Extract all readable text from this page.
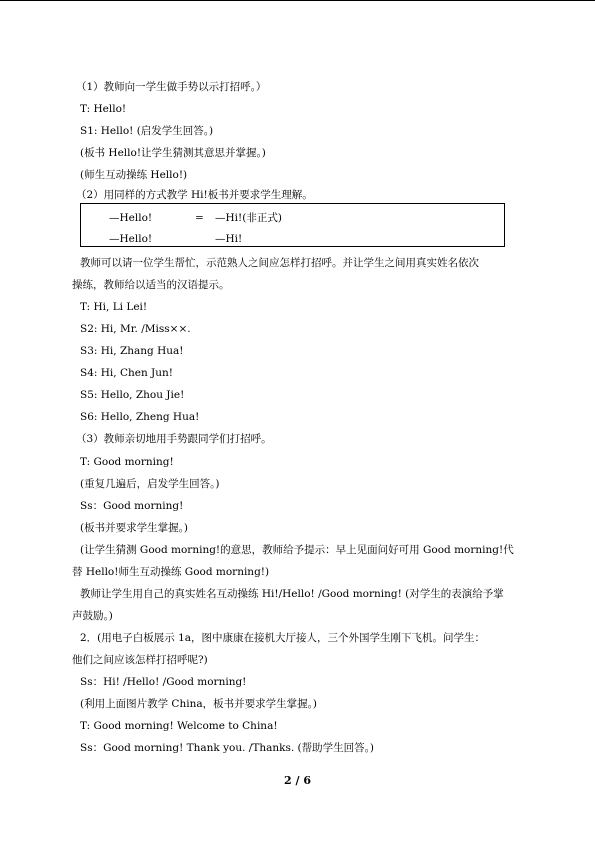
（1）教师向一学生做手势以示打招呼。）
T: Hello!
S1: Hello! (启发学生回答。)
(板书 Hello!让学生猜测其意思并掌握。)
(师生互动操练 Hello!)
（2）用同样的方式教学 Hi!板书并要求学生理解。
—Hello!	= —Hi!(非正式)
—Hello!	—Hi!
教师可以请一位学生帮忙，示范熟人之间应怎样打招呼。并让学生之间用真实姓名依次
操练，教师给以适当的汉语提示。
T: Hi, Li Lei!
S2: Hi, Mr. /Miss××.
S3: Hi, Zhang Hua!
S4: Hi, Chen Jun!
S5: Hello, Zhou Jie!
S6: Hello, Zheng Hua!
（3）教师亲切地用手势跟同学们打招呼。
T: Good morning!
(重复几遍后，启发学生回答。)
Ss：Good morning!
(板书并要求学生掌握。)
(让学生猜测 Good morning!的意思，教师给予提示：早上见面问好可用 Good morning!代
替 Hello!师生互动操练 Good morning!)
教师让学生用自己的真实姓名互动操练 Hi!/Hello! /Good morning! (对学生的表演给予掌
声鼓励。)
2．(用电子白板展示 1a，图中康康在接机大厅接人，三个外国学生刚下飞机。问学生：
他们之间应该怎样打招呼呢?)
Ss：Hi! /Hello! /Good morning!
(利用上面图片教学 China，板书并要求学生掌握。)
T: Good morning! Welcome to China!
Ss：Good morning! Thank you. /Thanks. (帮助学生回答。)
2 / 6
